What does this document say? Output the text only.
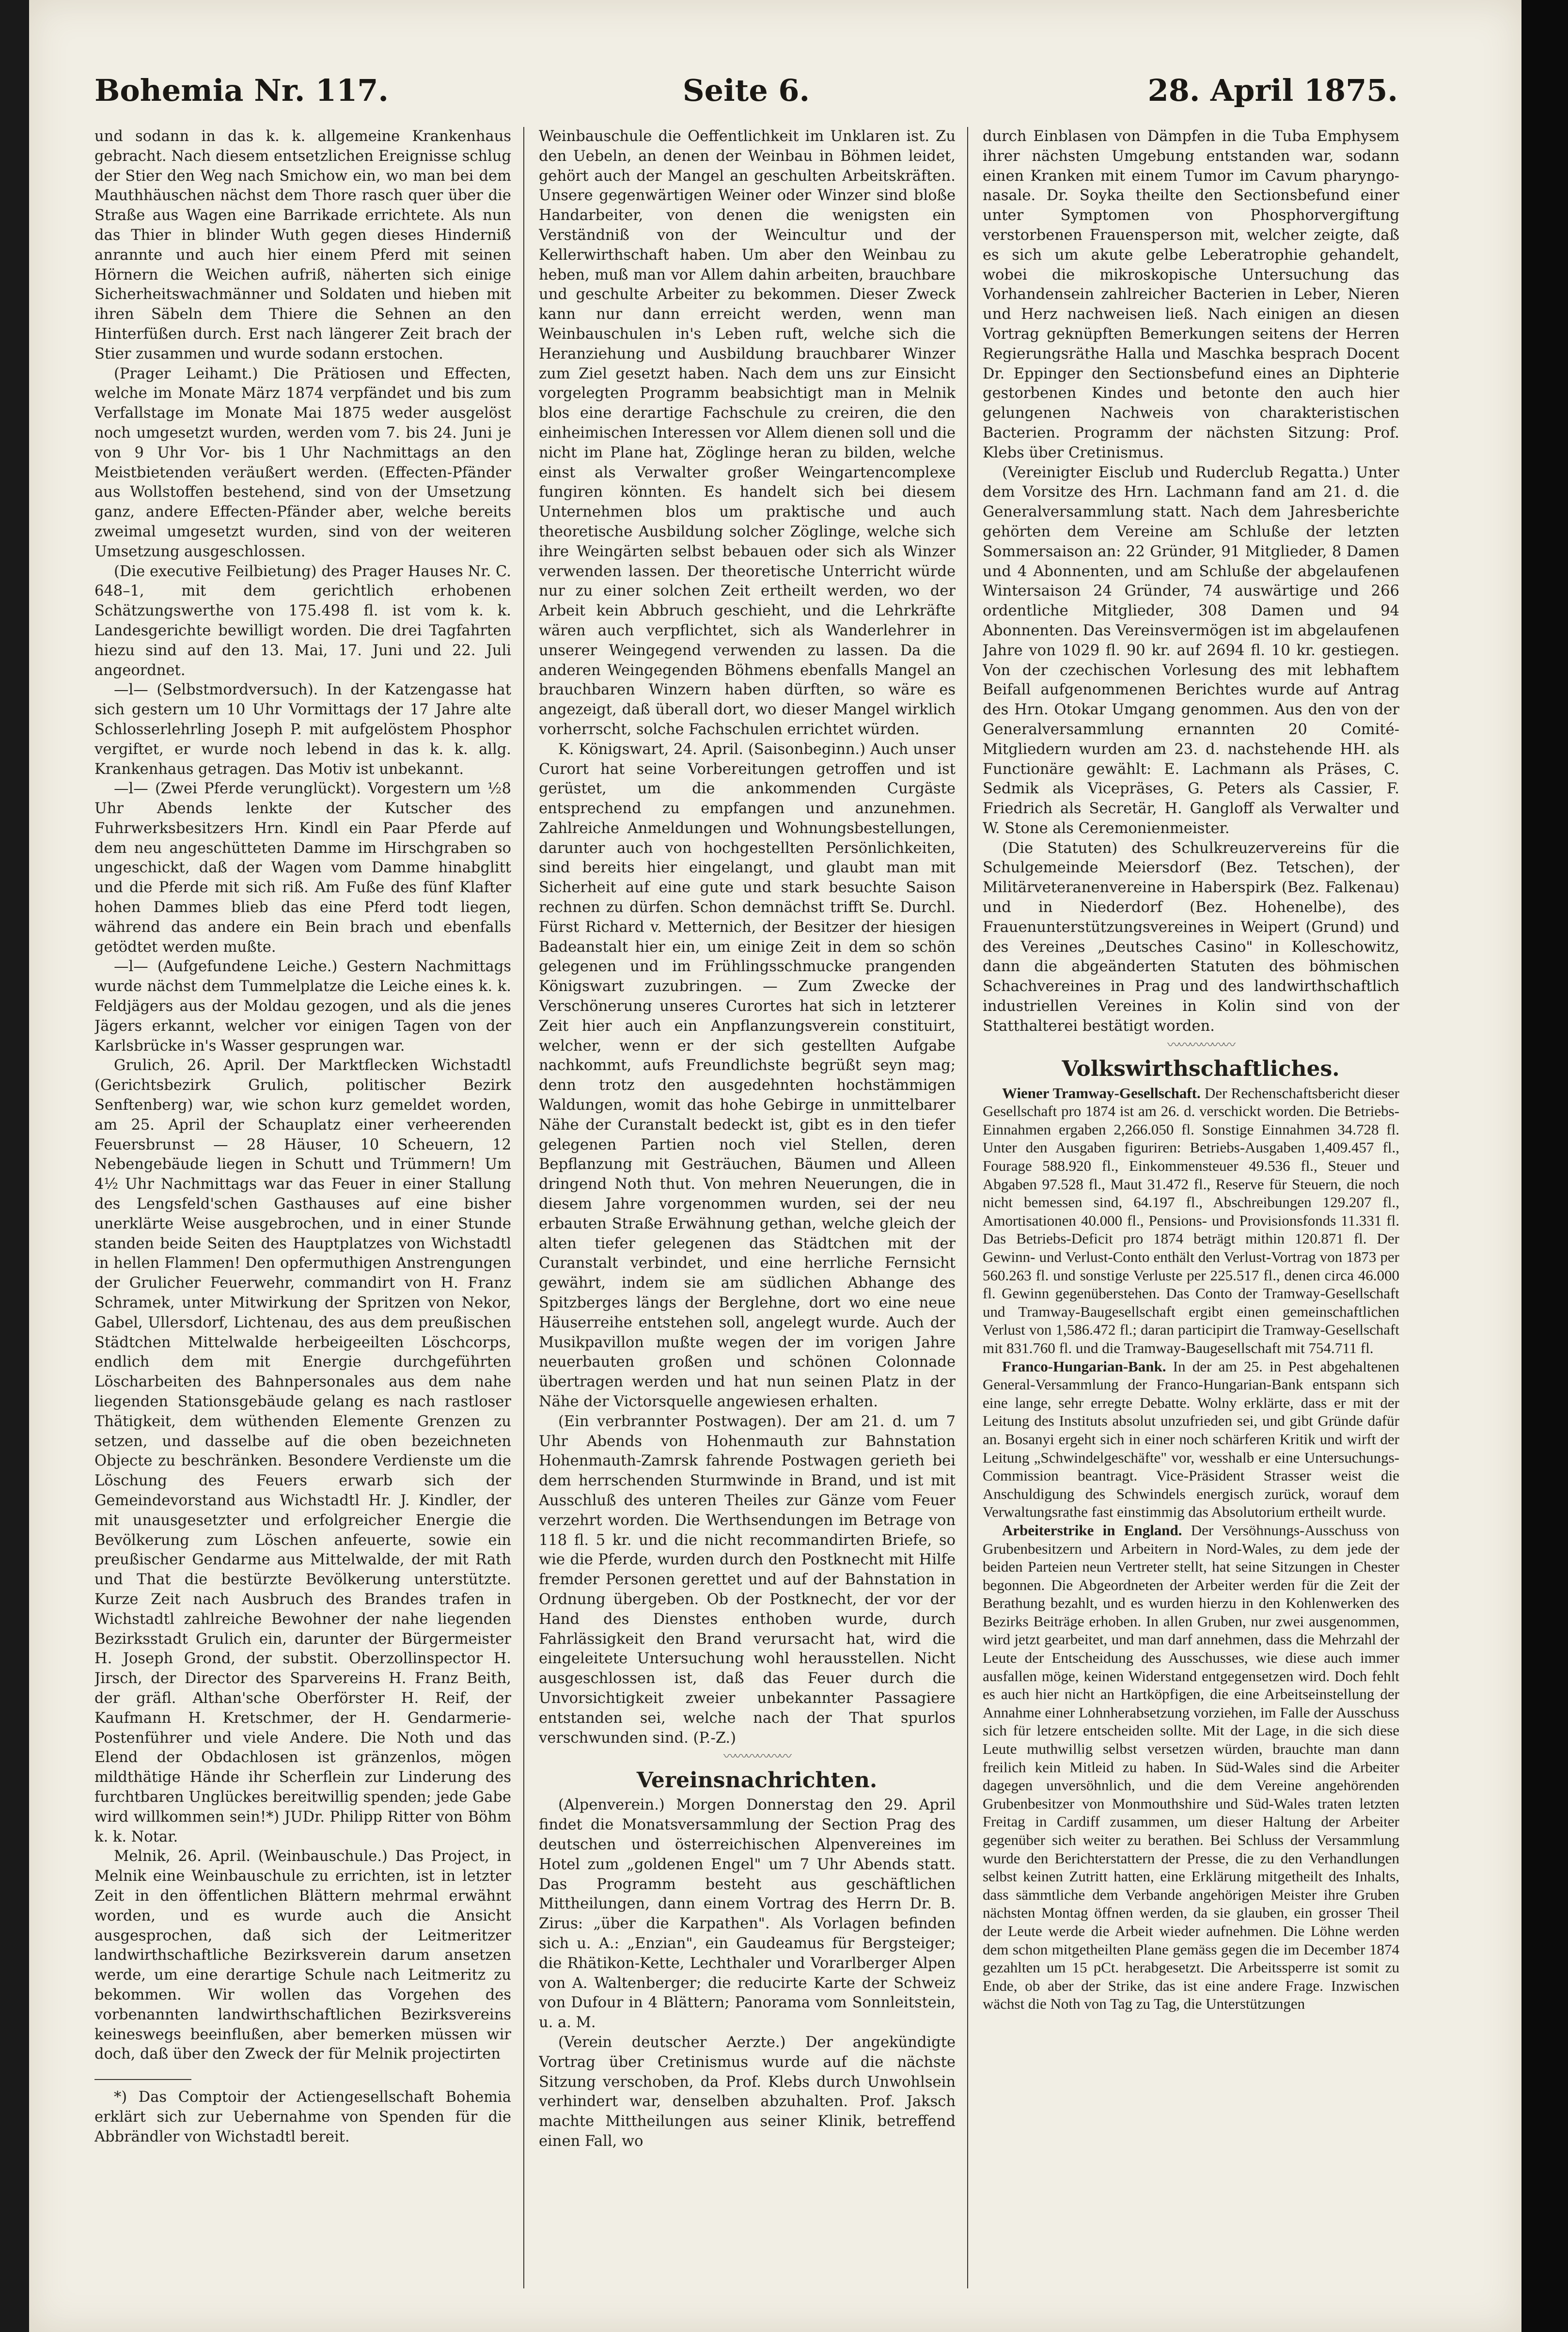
Bohemia Nr. 117.	Seite 6.	28. April 1875.

und sodann in das k. k. allgemeine Krankenhaus gebracht. Nach diesem entsetzlichen Ereignisse schlug der Stier den Weg nach Smichow ein, wo man bei dem Mauthhäuschen nächst dem Thore rasch quer über die Straße aus Wagen eine Barrikade errichtete. Als nun das Thier in blinder Wuth gegen dieses Hinderniß anrannte und auch hier einem Pferd mit seinen Hörnern die Weichen aufriß, näherten sich einige Sicherheitswachmänner und Soldaten und hieben mit ihren Säbeln dem Thiere die Sehnen an den Hinterfüßen durch. Erst nach längerer Zeit brach der Stier zusammen und wurde sodann erstochen.

(Prager Leihamt.) Die Prätiosen und Effecten, welche im Monate März 1874 verpfändet und bis zum Verfallstage im Monate Mai 1875 weder ausgelöst noch umgesetzt wurden, werden vom 7. bis 24. Juni je von 9 Uhr Vor- bis 1 Uhr Nachmittags an den Meistbietenden veräußert werden. (Effecten-Pfänder aus Wollstoffen bestehend, sind von der Umsetzung ganz, andere Effecten-Pfänder aber, welche bereits zweimal umgesetzt wurden, sind von der weiteren Umsetzung ausgeschlossen.

(Die executive Feilbietung) des Prager Hauses Nr. C. 648–1, mit dem gerichtlich erhobenen Schätzungswerthe von 175.498 fl. ist vom k. k. Landesgerichte bewilligt worden. Die drei Tagfahrten hiezu sind auf den 13. Mai, 17. Juni und 22. Juli angeordnet.

—l— (Selbstmordversuch). In der Katzengasse hat sich gestern um 10 Uhr Vormittags der 17 Jahre alte Schlosserlehrling Joseph P. mit aufgelöstem Phosphor vergiftet, er wurde noch lebend in das k. k. allg. Krankenhaus getragen. Das Motiv ist unbekannt.

—l— (Zwei Pferde verunglückt). Vorgestern um ½8 Uhr Abends lenkte der Kutscher des Fuhrwerksbesitzers Hrn. Kindl ein Paar Pferde auf dem neu angeschütteten Damme im Hirschgraben so ungeschickt, daß der Wagen vom Damme hinabglitt und die Pferde mit sich riß. Am Fuße des fünf Klafter hohen Dammes blieb das eine Pferd todt liegen, während das andere ein Bein brach und ebenfalls getödtet werden mußte.

—l— (Aufgefundene Leiche.) Gestern Nachmittags wurde nächst dem Tummelplatze die Leiche eines k. k. Feldjägers aus der Moldau gezogen, und als die jenes Jägers erkannt, welcher vor einigen Tagen von der Karlsbrücke in's Wasser gesprungen war.

Grulich, 26. April. Der Marktflecken Wichstadtl (Gerichtsbezirk Grulich, politischer Bezirk Senftenberg) war, wie schon kurz gemeldet worden, am 25. April der Schauplatz einer verheerenden Feuersbrunst — 28 Häuser, 10 Scheuern, 12 Nebengebäude liegen in Schutt und Trümmern! Um 4½ Uhr Nachmittags war das Feuer in einer Stallung des Lengsfeld'schen Gasthauses auf eine bisher unerklärte Weise ausgebrochen, und in einer Stunde standen beide Seiten des Hauptplatzes von Wichstadtl in hellen Flammen! Den opfermuthigen Anstrengungen der Grulicher Feuerwehr, commandirt von H. Franz Schramek, unter Mitwirkung der Spritzen von Nekor, Gabel, Ullersdorf, Lichtenau, des aus dem preußischen Städtchen Mittelwalde herbeigeeilten Löschcorps, endlich dem mit Energie durchgeführten Löscharbeiten des Bahnpersonales aus dem nahe liegenden Stationsgebäude gelang es nach rastloser Thätigkeit, dem wüthenden Elemente Grenzen zu setzen, und dasselbe auf die oben bezeichneten Objecte zu beschränken. Besondere Verdienste um die Löschung des Feuers erwarb sich der Gemeindevorstand aus Wichstadtl Hr. J. Kindler, der mit unausgesetzter und erfolgreicher Energie die Bevölkerung zum Löschen anfeuerte, sowie ein preußischer Gendarme aus Mittelwalde, der mit Rath und That die bestürzte Bevölkerung unterstützte. Kurze Zeit nach Ausbruch des Brandes trafen in Wichstadtl zahlreiche Bewohner der nahe liegenden Bezirksstadt Grulich ein, darunter der Bürgermeister H. Joseph Grond, der substit. Oberzollinspector H. Jirsch, der Director des Sparvereins H. Franz Beith, der gräfl. Althan'sche Oberförster H. Reif, der Kaufmann H. Kretschmer, der H. Gendarmerie-Postenführer und viele Andere. Die Noth und das Elend der Obdachlosen ist gränzenlos, mögen mildthätige Hände ihr Scherflein zur Linderung des furchtbaren Unglückes bereitwillig spenden; jede Gabe wird willkommen sein!*) JUDr. Philipp Ritter von Böhm k. k. Notar.

Melnik, 26. April. (Weinbauschule.) Das Project, in Melnik eine Weinbauschule zu errichten, ist in letzter Zeit in den öffentlichen Blättern mehrmal erwähnt worden, und es wurde auch die Ansicht ausgesprochen, daß sich der Leitmeritzer landwirthschaftliche Bezirksverein darum ansetzen werde, um eine derartige Schule nach Leitmeritz zu bekommen. Wir wollen das Vorgehen des vorbenannten landwirthschaftlichen Bezirksvereins keineswegs beeinflußen, aber bemerken müssen wir doch, daß über den Zweck der für Melnik projectirten

*) Das Comptoir der Actiengesellschaft Bohemia erklärt sich zur Uebernahme von Spenden für die Abbrändler von Wichstadtl bereit.

Weinbauschule die Oeffentlichkeit im Unklaren ist. Zu den Uebeln, an denen der Weinbau in Böhmen leidet, gehört auch der Mangel an geschulten Arbeitskräften. Unsere gegenwärtigen Weiner oder Winzer sind bloße Handarbeiter, von denen die wenigsten ein Verständniß von der Weincultur und der Kellerwirthschaft haben. Um aber den Weinbau zu heben, muß man vor Allem dahin arbeiten, brauchbare und geschulte Arbeiter zu bekommen. Dieser Zweck kann nur dann erreicht werden, wenn man Weinbauschulen in's Leben ruft, welche sich die Heranziehung und Ausbildung brauchbarer Winzer zum Ziel gesetzt haben. Nach dem uns zur Einsicht vorgelegten Programm beabsichtigt man in Melnik blos eine derartige Fachschule zu creiren, die den einheimischen Interessen vor Allem dienen soll und die nicht im Plane hat, Zöglinge heran zu bilden, welche einst als Verwalter großer Weingartencomplexe fungiren könnten. Es handelt sich bei diesem Unternehmen blos um praktische und auch theoretische Ausbildung solcher Zöglinge, welche sich ihre Weingärten selbst bebauen oder sich als Winzer verwenden lassen. Der theoretische Unterricht würde nur zu einer solchen Zeit ertheilt werden, wo der Arbeit kein Abbruch geschieht, und die Lehrkräfte wären auch verpflichtet, sich als Wanderlehrer in unserer Weingegend verwenden zu lassen. Da die anderen Weingegenden Böhmens ebenfalls Mangel an brauchbaren Winzern haben dürften, so wäre es angezeigt, daß überall dort, wo dieser Mangel wirklich vorherrscht, solche Fachschulen errichtet würden.

K. Königswart, 24. April. (Saisonbeginn.) Auch unser Curort hat seine Vorbereitungen getroffen und ist gerüstet, um die ankommenden Curgäste entsprechend zu empfangen und anzunehmen. Zahlreiche Anmeldungen und Wohnungsbestellungen, darunter auch von hochgestellten Persönlichkeiten, sind bereits hier eingelangt, und glaubt man mit Sicherheit auf eine gute und stark besuchte Saison rechnen zu dürfen. Schon demnächst trifft Se. Durchl. Fürst Richard v. Metternich, der Besitzer der hiesigen Badeanstalt hier ein, um einige Zeit in dem so schön gelegenen und im Frühlingsschmucke prangenden Königswart zuzubringen. — Zum Zwecke der Verschönerung unseres Curortes hat sich in letzterer Zeit hier auch ein Anpflanzungsverein constituirt, welcher, wenn er der sich gestellten Aufgabe nachkommt, aufs Freundlichste begrüßt seyn mag; denn trotz den ausgedehnten hochstämmigen Waldungen, womit das hohe Gebirge in unmittelbarer Nähe der Curanstalt bedeckt ist, gibt es in den tiefer gelegenen Partien noch viel Stellen, deren Bepflanzung mit Gesträuchen, Bäumen und Alleen dringend Noth thut. Von mehren Neuerungen, die in diesem Jahre vorgenommen wurden, sei der neu erbauten Straße Erwähnung gethan, welche gleich der alten tiefer gelegenen das Städtchen mit der Curanstalt verbindet, und eine herrliche Fernsicht gewährt, indem sie am südlichen Abhange des Spitzberges längs der Berglehne, dort wo eine neue Häuserreihe entstehen soll, angelegt wurde. Auch der Musikpavillon mußte wegen der im vorigen Jahre neuerbauten großen und schönen Colonnade übertragen werden und hat nun seinen Platz in der Nähe der Victorsquelle angewiesen erhalten.

(Ein verbrannter Postwagen). Der am 21. d. um 7 Uhr Abends von Hohenmauth zur Bahnstation Hohenmauth-Zamrsk fahrende Postwagen gerieth bei dem herrschenden Sturmwinde in Brand, und ist mit Ausschluß des unteren Theiles zur Gänze vom Feuer verzehrt worden. Die Werthsendungen im Betrage von 118 fl. 5 kr. und die nicht recommandirten Briefe, so wie die Pferde, wurden durch den Postknecht mit Hilfe fremder Personen gerettet und auf der Bahnstation in Ordnung übergeben. Ob der Postknecht, der vor der Hand des Dienstes enthoben wurde, durch Fahrlässigkeit den Brand verursacht hat, wird die eingeleitete Untersuchung wohl herausstellen. Nicht ausgeschlossen ist, daß das Feuer durch die Unvorsichtigkeit zweier unbekannter Passagiere entstanden sei, welche nach der That spurlos verschwunden sind. (P.-Z.)

〰〰〰〰〰〰

Vereinsnachrichten.

(Alpenverein.) Morgen Donnerstag den 29. April findet die Monatsversammlung der Section Prag des deutschen und österreichischen Alpenvereines im Hotel zum „goldenen Engel" um 7 Uhr Abends statt. Das Programm besteht aus geschäftlichen Mittheilungen, dann einem Vortrag des Herrn Dr. B. Zirus: „über die Karpathen". Als Vorlagen befinden sich u. A.: „Enzian", ein Gaudeamus für Bergsteiger; die Rhätikon-Kette, Lechthaler und Vorarlberger Alpen von A. Waltenberger; die reducirte Karte der Schweiz von Dufour in 4 Blättern; Panorama vom Sonnleitstein, u. a. M.

(Verein deutscher Aerzte.) Der angekündigte Vortrag über Cretinismus wurde auf die nächste Sitzung verschoben, da Prof. Klebs durch Unwohlsein verhindert war, denselben abzuhalten. Prof. Jaksch machte Mittheilungen aus seiner Klinik, betreffend einen Fall, wo

durch Einblasen von Dämpfen in die Tuba Emphysem ihrer nächsten Umgebung entstanden war, sodann einen Kranken mit einem Tumor im Cavum pharyngo-nasale. Dr. Soyka theilte den Sectionsbefund einer unter Symptomen von Phosphorvergiftung verstorbenen Frauensperson mit, welcher zeigte, daß es sich um akute gelbe Leberatrophie gehandelt, wobei die mikroskopische Untersuchung das Vorhandensein zahlreicher Bacterien in Leber, Nieren und Herz nachweisen ließ. Nach einigen an diesen Vortrag geknüpften Bemerkungen seitens der Herren Regierungsräthe Halla und Maschka besprach Docent Dr. Eppinger den Sectionsbefund eines an Diphterie gestorbenen Kindes und betonte den auch hier gelungenen Nachweis von charakteristischen Bacterien. Programm der nächsten Sitzung: Prof. Klebs über Cretinismus.

(Vereinigter Eisclub und Ruderclub Regatta.) Unter dem Vorsitze des Hrn. Lachmann fand am 21. d. die Generalversammlung statt. Nach dem Jahresberichte gehörten dem Vereine am Schluße der letzten Sommersaison an: 22 Gründer, 91 Mitglieder, 8 Damen und 4 Abonnenten, und am Schluße der abgelaufenen Wintersaison 24 Gründer, 74 auswärtige und 266 ordentliche Mitglieder, 308 Damen und 94 Abonnenten. Das Vereinsvermögen ist im abgelaufenen Jahre von 1029 fl. 90 kr. auf 2694 fl. 10 kr. gestiegen. Von der czechischen Vorlesung des mit lebhaftem Beifall aufgenommenen Berichtes wurde auf Antrag des Hrn. Otokar Umgang genommen. Aus den von der Generalversammlung ernannten 20 Comité-Mitgliedern wurden am 23. d. nachstehende HH. als Functionäre gewählt: E. Lachmann als Präses, C. Sedmik als Vicepräses, G. Peters als Cassier, F. Friedrich als Secretär, H. Gangloff als Verwalter und W. Stone als Ceremonienmeister.

(Die Statuten) des Schulkreuzervereins für die Schulgemeinde Meiersdorf (Bez. Tetschen), der Militärveteranenvereine in Haberspirk (Bez. Falkenau) und in Niederdorf (Bez. Hohenelbe), des Frauenunterstützungsvereines in Weipert (Grund) und des Vereines „Deutsches Casino" in Kolleschowitz, dann die abgeänderten Statuten des böhmischen Schachvereines in Prag und des landwirthschaftlich industriellen Vereines in Kolin sind von der Statthalterei bestätigt worden.

〰〰〰〰〰〰

Volkswirthschaftliches.

Wiener Tramway-Gesellschaft. Der Rechenschaftsbericht dieser Gesellschaft pro 1874 ist am 26. d. verschickt worden. Die Betriebs-Einnahmen ergaben 2,266.050 fl. Sonstige Einnahmen 34.728 fl. Unter den Ausgaben figuriren: Betriebs-Ausgaben 1,409.457 fl., Fourage 588.920 fl., Einkommensteuer 49.536 fl., Steuer und Abgaben 97.528 fl., Maut 31.472 fl., Reserve für Steuern, die noch nicht bemessen sind, 64.197 fl., Abschreibungen 129.207 fl., Amortisationen 40.000 fl., Pensions- und Provisionsfonds 11.331 fl. Das Betriebs-Deficit pro 1874 beträgt mithin 120.871 fl. Der Gewinn- und Verlust-Conto enthält den Verlust-Vortrag von 1873 per 560.263 fl. und sonstige Verluste per 225.517 fl., denen circa 46.000 fl. Gewinn gegenüberstehen. Das Conto der Tramway-Gesellschaft und Tramway-Baugesellschaft ergibt einen gemeinschaftlichen Verlust von 1,586.472 fl.; daran participirt die Tramway-Gesellschaft mit 831.760 fl. und die Tramway-Baugesellschaft mit 754.711 fl.

Franco-Hungarian-Bank. In der am 25. in Pest abgehaltenen General-Versammlung der Franco-Hungarian-Bank entspann sich eine lange, sehr erregte Debatte. Wolny erklärte, dass er mit der Leitung des Instituts absolut unzufrieden sei, und gibt Gründe dafür an. Bosanyi ergeht sich in einer noch schärferen Kritik und wirft der Leitung „Schwindelgeschäfte" vor, wesshalb er eine Untersuchungs-Commission beantragt. Vice-Präsident Strasser weist die Anschuldigung des Schwindels energisch zurück, worauf dem Verwaltungsrathe fast einstimmig das Absolutorium ertheilt wurde.

Arbeiterstrike in England. Der Versöhnungs-Ausschuss von Grubenbesitzern und Arbeitern in Nord-Wales, zu dem jede der beiden Parteien neun Vertreter stellt, hat seine Sitzungen in Chester begonnen. Die Abgeordneten der Arbeiter werden für die Zeit der Berathung bezahlt, und es wurden hierzu in den Kohlenwerken des Bezirks Beiträge erhoben. In allen Gruben, nur zwei ausgenommen, wird jetzt gearbeitet, und man darf annehmen, dass die Mehrzahl der Leute der Entscheidung des Ausschusses, wie diese auch immer ausfallen möge, keinen Widerstand entgegensetzen wird. Doch fehlt es auch hier nicht an Hartköpfigen, die eine Arbeitseinstellung der Annahme einer Lohnherabsetzung vorziehen, im Falle der Ausschuss sich für letzere entscheiden sollte. Mit der Lage, in die sich diese Leute muthwillig selbst versetzen würden, brauchte man dann freilich kein Mitleid zu haben. In Süd-Wales sind die Arbeiter dagegen unversöhnlich, und die dem Vereine angehörenden Grubenbesitzer von Monmouthshire und Süd-Wales traten letzten Freitag in Cardiff zusammen, um dieser Haltung der Arbeiter gegenüber sich weiter zu berathen. Bei Schluss der Versammlung wurde den Berichterstattern der Presse, die zu den Verhandlungen selbst keinen Zutritt hatten, eine Erklärung mitgetheilt des Inhalts, dass sämmtliche dem Verbande angehörigen Meister ihre Gruben nächsten Montag öffnen werden, da sie glauben, ein grosser Theil der Leute werde die Arbeit wieder aufnehmen. Die Löhne werden dem schon mitgetheilten Plane gemäss gegen die im December 1874 gezahlten um 15 pCt. herabgesetzt. Die Arbeitssperre ist somit zu Ende, ob aber der Strike, das ist eine andere Frage. Inzwischen wächst die Noth von Tag zu Tag, die Unterstützungen
